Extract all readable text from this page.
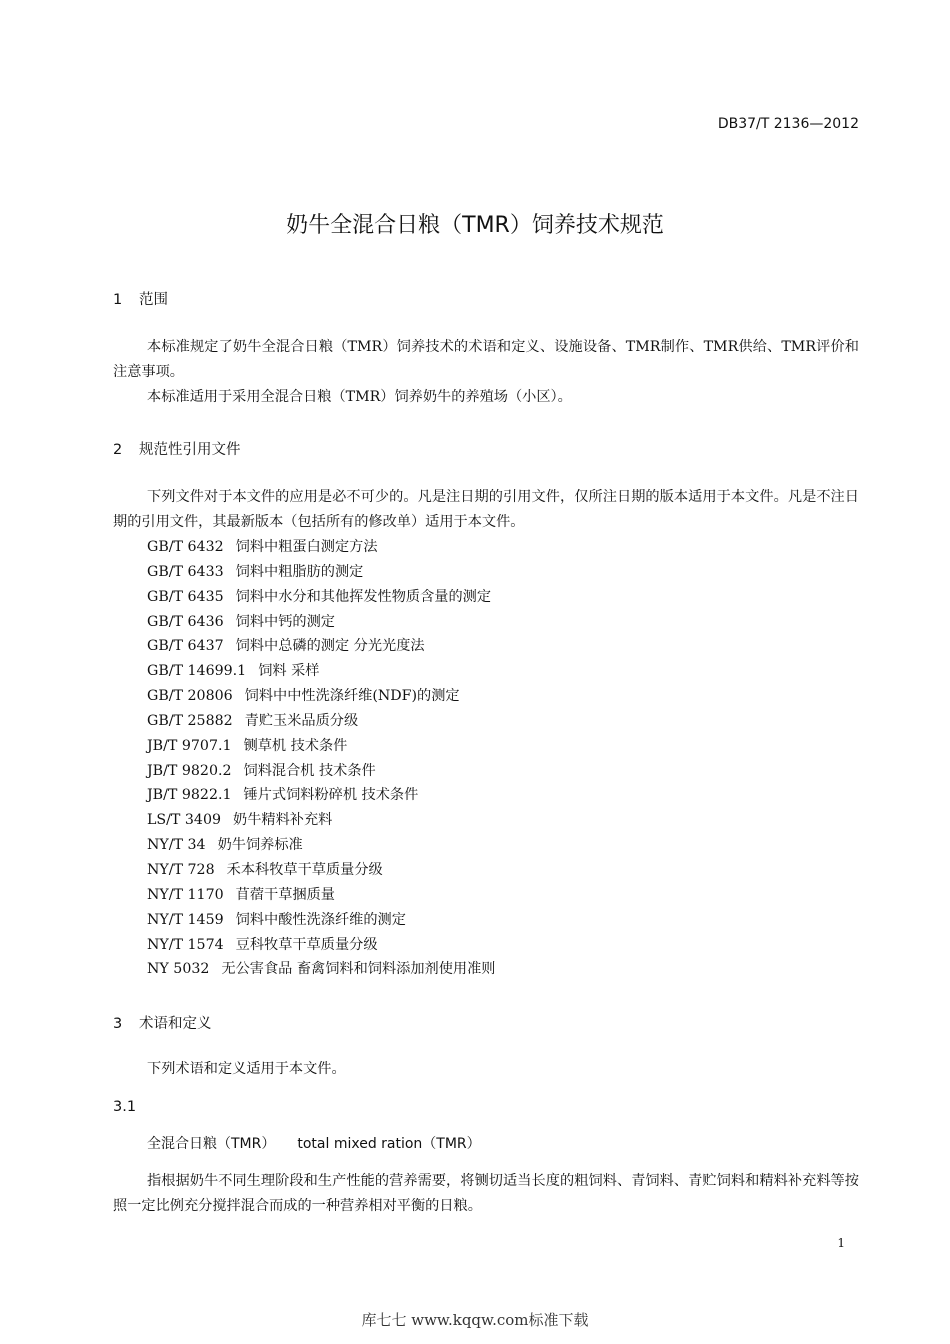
DB37/T 2136—2012
奶牛全混合日粮（TMR）饲养技术规范
1 范围
本标准规定了奶牛全混合日粮（TMR）饲养技术的术语和定义、设施设备、TMR制作、TMR供给、TMR评价和注意事项。
本标准适用于采用全混合日粮（TMR）饲养奶牛的养殖场（小区）。
2 规范性引用文件
下列文件对于本文件的应用是必不可少的。凡是注日期的引用文件，仅所注日期的版本适用于本文件。凡是不注日期的引用文件，其最新版本（包括所有的修改单）适用于本文件。
GB/T 6432 饲料中粗蛋白测定方法
GB/T 6433 饲料中粗脂肪的测定
GB/T 6435 饲料中水分和其他挥发性物质含量的测定
GB/T 6436 饲料中钙的测定
GB/T 6437 饲料中总磷的测定 分光光度法
GB/T 14699.1 饲料 采样
GB/T 20806 饲料中中性洗涤纤维(NDF)的测定
GB/T 25882 青贮玉米品质分级
JB/T 9707.1 铡草机 技术条件
JB/T 9820.2 饲料混合机 技术条件
JB/T 9822.1 锤片式饲料粉碎机 技术条件
LS/T 3409 奶牛精料补充料
NY/T 34 奶牛饲养标准
NY/T 728 禾本科牧草干草质量分级
NY/T 1170 苜蓿干草捆质量
NY/T 1459 饲料中酸性洗涤纤维的测定
NY/T 1574 豆科牧草干草质量分级
NY 5032 无公害食品 畜禽饲料和饲料添加剂使用准则
3 术语和定义
下列术语和定义适用于本文件。
3.1
全混合日粮（TMR） total mixed ration（TMR）
指根据奶牛不同生理阶段和生产性能的营养需要，将铡切适当长度的粗饲料、青饲料、青贮饲料和精料补充料等按照一定比例充分搅拌混合而成的一种营养相对平衡的日粮。
1
库七七 www.kqqw.com标准下载
